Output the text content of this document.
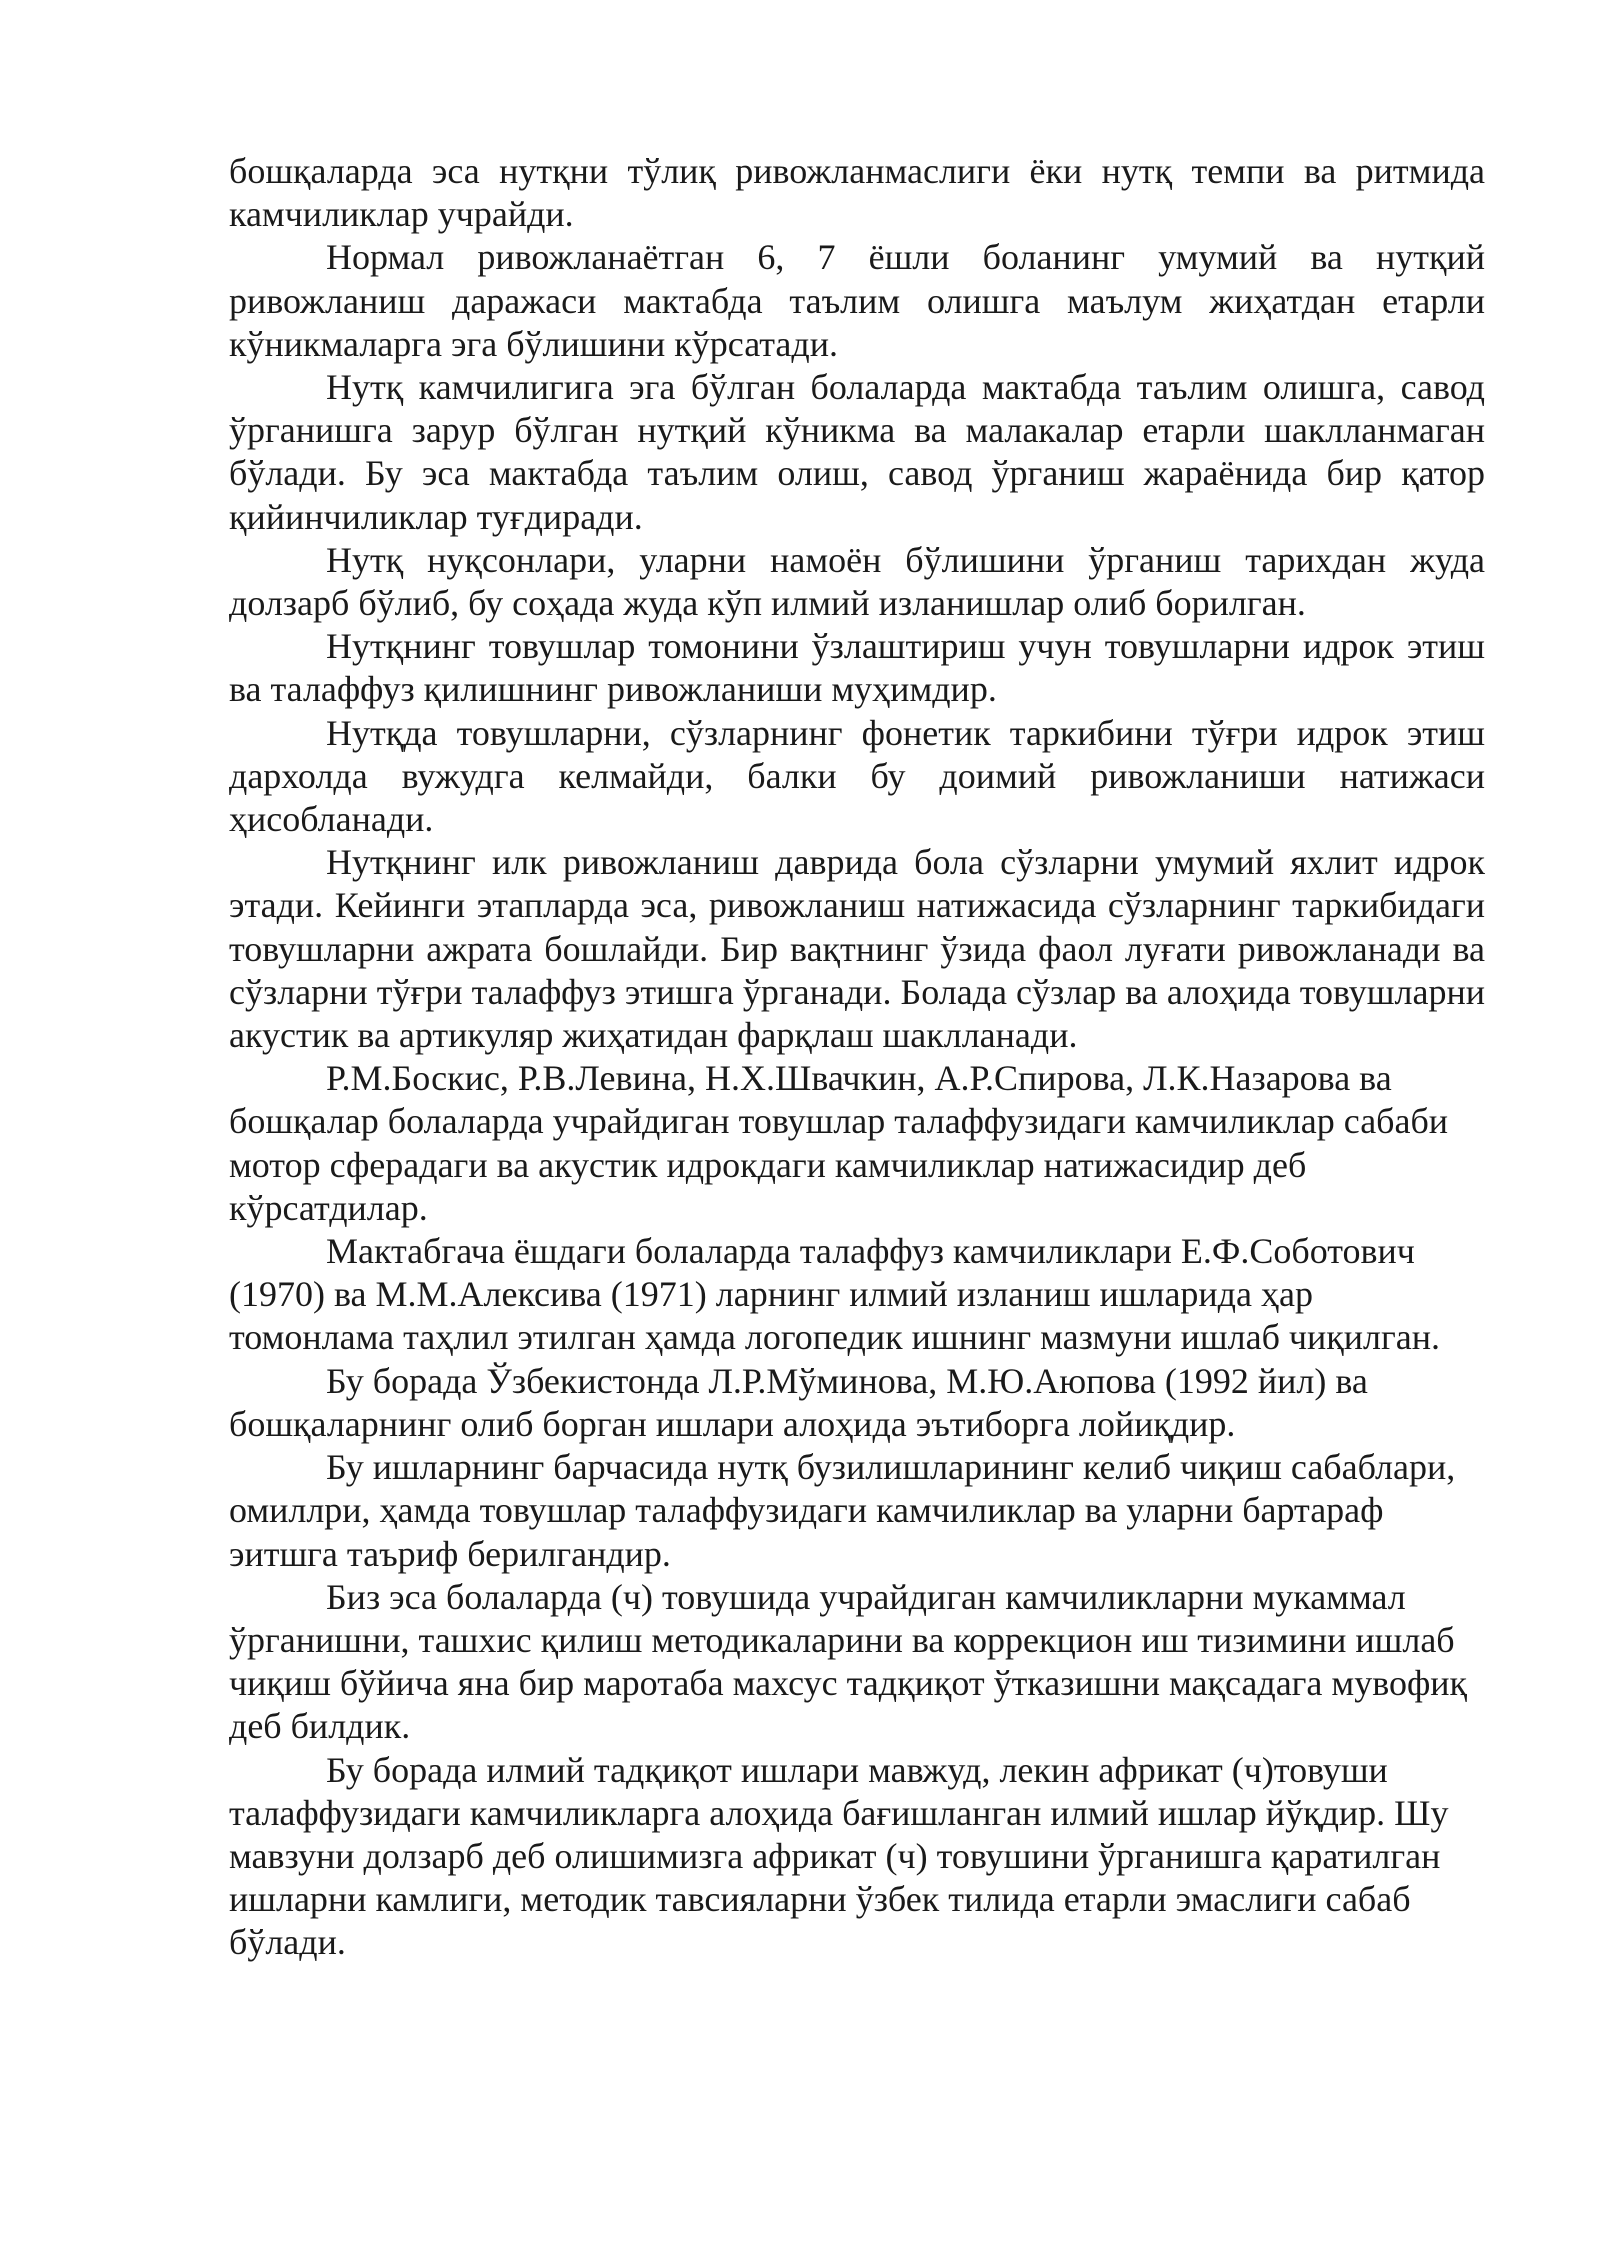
бошқаларда эса нутқни тўлиқ ривожланмаслиги ёки нутқ темпи ва ритмида камчиликлар учрайди.

Нормал ривожланаётган 6, 7 ёшли боланинг умумий ва нутқий ривожланиш даражаси мактабда таълим олишга маълум жиҳатдан етарли кўникмаларга эга бўлишини кўрсатади.

Нутқ камчилигига эга бўлган болаларда мактабда таълим олишга, савод ўрганишга зарур бўлган нутқий кўникма ва малакалар етарли шаклланмаган бўлади. Бу эса мактабда таълим олиш, савод ўрганиш жараёнида бир қатор қийинчиликлар туғдиради.

Нутқ нуқсонлари, уларни намоён бўлишини ўрганиш тарихдан жуда долзарб бўлиб, бу соҳада жуда кўп илмий изланишлар олиб борилган.

Нутқнинг товушлар томонини ўзлаштириш учун товушларни идрок этиш ва талаффуз қилишнинг ривожланиши муҳимдир.

Нутқда товушларни, сўзларнинг фонетик таркибини тўғри идрок этиш дархолда вужудга келмайди, балки бу доимий ривожланиши натижаси ҳисобланади.

Нутқнинг илк ривожланиш даврида бола сўзларни умумий яхлит идрок этади. Кейинги этапларда эса, ривожланиш натижасида сўзларнинг таркибидаги товушларни ажрата бошлайди. Бир вақтнинг ўзида фаол луғати ривожланади ва сўзларни тўғри талаффуз этишга ўрганади. Болада сўзлар ва алоҳида товушларни акустик ва артикуляр жиҳатидан фарқлаш шаклланади.

Р.М.Боскис, Р.В.Левина, Н.Х.Швачкин, А.Р.Спирова, Л.К.Назарова ва бошқалар болаларда учрайдиган товушлар талаффузидаги камчиликлар сабаби мотор сферадаги ва акустик идрокдаги камчиликлар натижасидир деб кўрсатдилар.

Мактабгача ёшдаги болаларда талаффуз камчиликлари Е.Ф.Соботович (1970) ва М.М.Алексива (1971) ларнинг илмий изланиш ишларида ҳар томонлама таҳлил этилган ҳамда логопедик ишнинг мазмуни ишлаб чиқилган.

Бу борада Ўзбекистонда Л.Р.Мўминова, М.Ю.Аюпова (1992 йил) ва бошқаларнинг олиб борган ишлари алоҳида эътиборга лойиқдир.

Бу ишларнинг барчасида нутқ бузилишларининг келиб чиқиш сабаблари, омиллри, ҳамда товушлар талаффузидаги камчиликлар ва уларни бартараф эитшга таъриф берилгандир.

Биз эса болаларда (ч) товушида учрайдиган камчиликларни мукаммал ўрганишни, ташхис қилиш методикаларини ва коррекцион иш тизимини ишлаб чиқиш бўйича яна бир маротаба махсус тадқиқот ўтказишни мақсадага мувофиқ деб билдик.

Бу борада илмий тадқиқот ишлари мавжуд, лекин африкат (ч)товуши талаффузидаги камчиликларга алоҳида бағишланган илмий ишлар йўқдир. Шу мавзуни долзарб деб олишимизга африкат (ч) товушини ўрганишга қаратилган ишларни камлиги, методик тавсияларни ўзбек тилида етарли эмаслиги сабаб бўлади.
